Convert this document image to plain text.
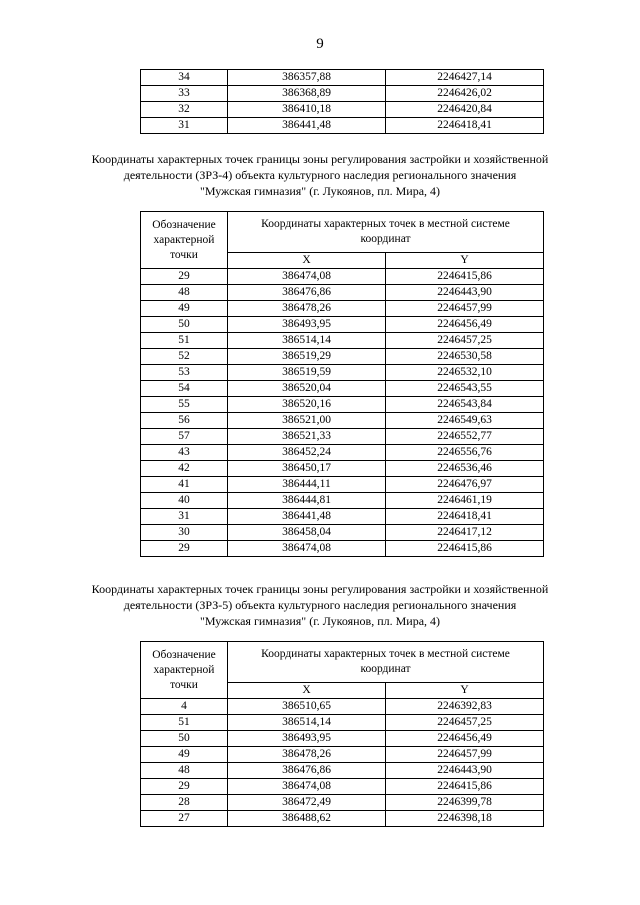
9
34	386357,88	2246427,14
33	386368,89	2246426,02
32	386410,18	2246420,84
31	386441,48	2246418,41
Координаты характерных точек границы зоны регулирования застройки и хозяйственной
деятельности (ЗРЗ-4) объекта культурного наследия регионального значения
"Мужская гимназия" (г. Лукоянов, пл. Мира, 4)
Обозначение характерной точки	Координаты характерных точек в местной системе координат	
	X	Y
29	386474,08	2246415,86
48	386476,86	2246443,90
49	386478,26	2246457,99
50	386493,95	2246456,49
51	386514,14	2246457,25
52	386519,29	2246530,58
53	386519,59	2246532,10
54	386520,04	2246543,55
55	386520,16	2246543,84
56	386521,00	2246549,63
57	386521,33	2246552,77
43	386452,24	2246556,76
42	386450,17	2246536,46
41	386444,11	2246476,97
40	386444,81	2246461,19
31	386441,48	2246418,41
30	386458,04	2246417,12
29	386474,08	2246415,86
Координаты характерных точек границы зоны регулирования застройки и хозяйственной
деятельности (ЗРЗ-5) объекта культурного наследия регионального значения
"Мужская гимназия" (г. Лукоянов, пл. Мира, 4)
Обозначение характерной точки	Координаты характерных точек в местной системе координат	
	X	Y
4	386510,65	2246392,83
51	386514,14	2246457,25
50	386493,95	2246456,49
49	386478,26	2246457,99
48	386476,86	2246443,90
29	386474,08	2246415,86
28	386472,49	2246399,78
27	386488,62	2246398,18
